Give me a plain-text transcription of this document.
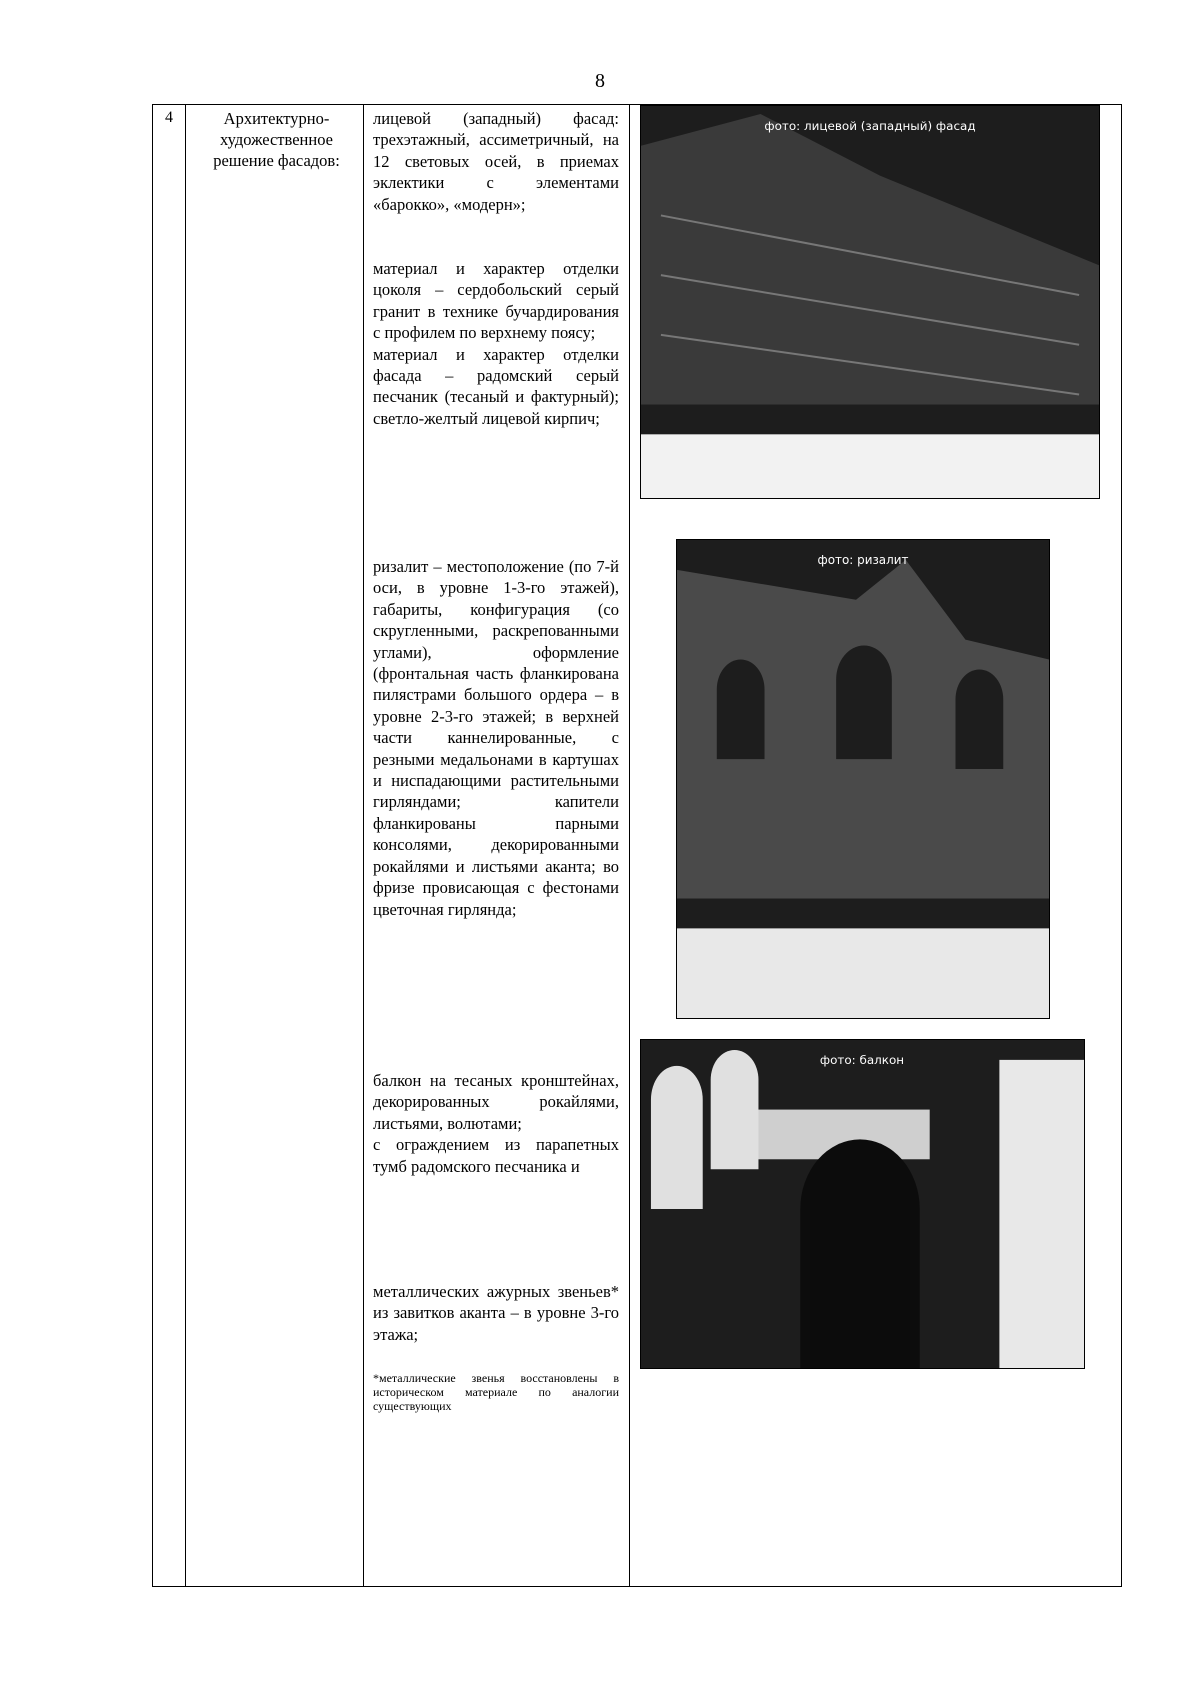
8
4	Архитектурно-художественное решение фасадов:
лицевой (западный) фасад: трехэтажный, ассиметричный, на 12 световых осей, в приемах эклектики с элементами «барокко», «модерн»;
материал и характер отделки цоколя – сердобольский серый гранит в технике бучардирования с профилем по верхнему поясу;
материал и характер отделки фасада – радомский серый песчаник (тесаный и фактурный); светло-желтый лицевой кирпич;
ризалит – местоположение (по 7-й оси, в уровне 1-3-го этажей), габариты, конфигурация (со скругленными, раскрепованными углами), оформление (фронтальная часть фланкирована пилястрами большого ордера – в уровне 2-3-го этажей; в верхней части каннелированные, с резными медальонами в картушах и ниспадающими растительными гирляндами; капители фланкированы парными консолями, декорированными рокайлями и листьями аканта; во фризе провисающая с фестонами цветочная гирлянда;
балкон на тесаных кронштейнах, декорированных рокайлями, листьями, волютами;
с ограждением из парапетных тумб радомского песчаника и
металлических ажурных звеньев* из завитков аканта – в уровне 3-го этажа;
*металлические звенья восстановлены в историческом материале по аналогии существующих
фото: лицевой (западный) фасад
фото: ризалит
фото: балкон
